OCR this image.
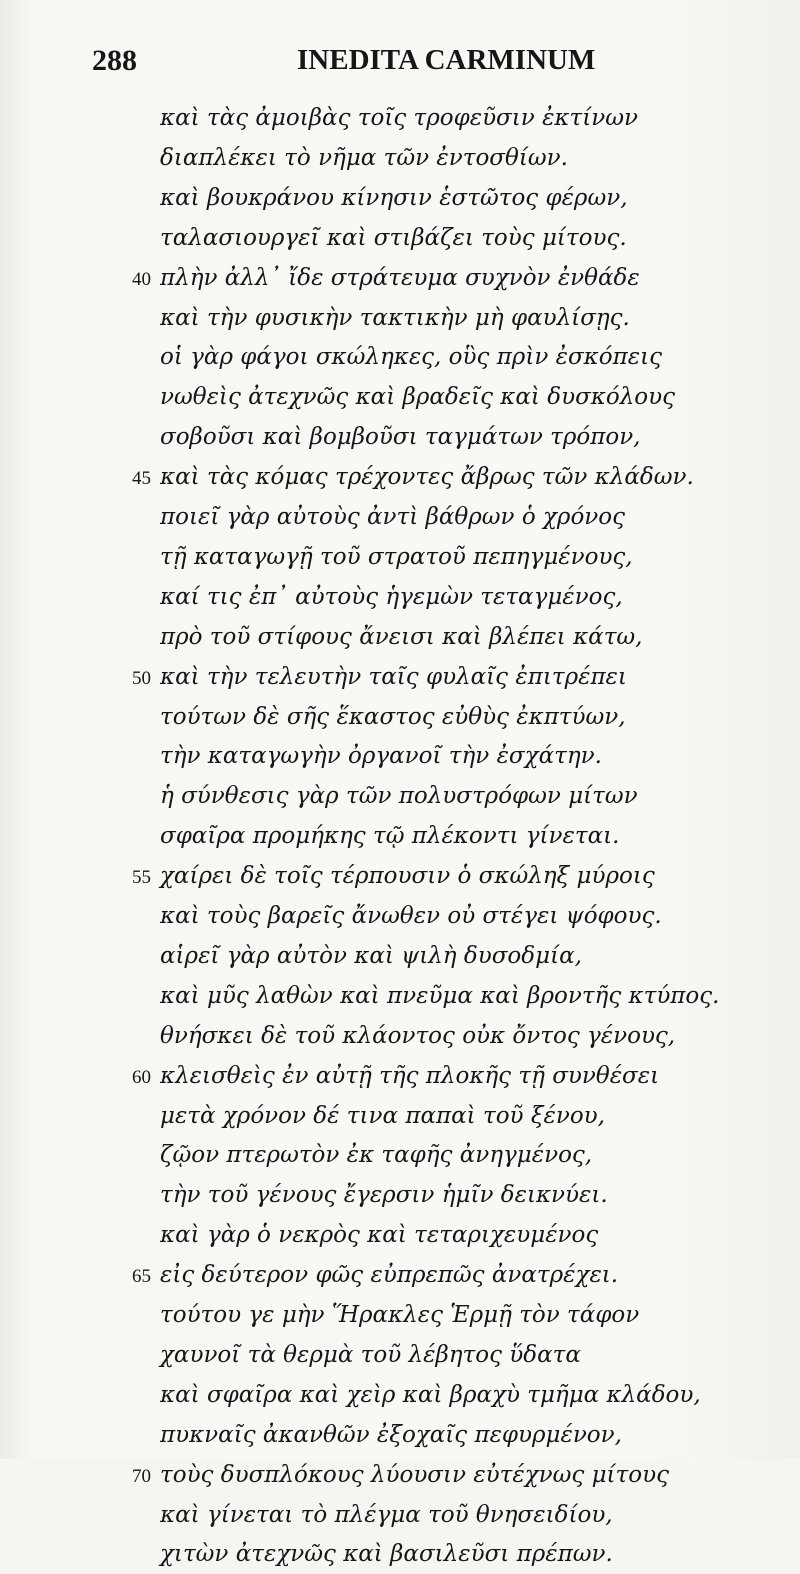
288	INEDITA CARMINUM
καὶ τὰς ἀμοιβὰς τοῖς τροφεῦσιν ἐκτίνων
διαπλέκει τὸ νῆμα τῶν ἐντοσθίων.
καὶ βουκράνου κίνησιν ἑστῶτος φέρων,
ταλασιουργεῖ καὶ στιβάζει τοὺς μίτους.
πλὴν ἀλλ᾽ ἴδε στράτευμα συχνὸν ἐνθάδε
40
καὶ τὴν φυσικὴν τακτικὴν μὴ φαυλίσῃς.
οἱ γὰρ φάγοι σκώληκες, οὓς πρὶν ἐσκόπεις
νωθεὶς ἀτεχνῶς καὶ βραδεῖς καὶ δυσκόλους
σοβοῦσι καὶ βομβοῦσι ταγμάτων τρόπον,
καὶ τὰς κόμας τρέχοντες ἄβρως τῶν κλάδων.
45
ποιεῖ γὰρ αὐτοὺς ἀντὶ βάθρων ὁ χρόνος
τῇ καταγωγῇ τοῦ στρατοῦ πεπηγμένους,
καί τις ἐπ᾽ αὐτοὺς ἡγεμὼν τεταγμένος,
πρὸ τοῦ στίφους ἄνεισι καὶ βλέπει κάτω,
καὶ τὴν τελευτὴν ταῖς φυλαῖς ἐπιτρέπει
50
τούτων δὲ σῆς ἕκαστος εὐθὺς ἐκπτύων,
τὴν καταγωγὴν ὀργανοῖ τὴν ἐσχάτην.
ἡ σύνθεσις γὰρ τῶν πολυστρόφων μίτων
σφαῖρα προμήκης τῷ πλέκοντι γίνεται.
χαίρει δὲ τοῖς τέρπουσιν ὁ σκώληξ μύροις
55
καὶ τοὺς βαρεῖς ἄνωθεν οὐ στέγει ψόφους.
αἱρεῖ γὰρ αὐτὸν καὶ ψιλὴ δυσοδμία,
καὶ μῦς λαθὼν καὶ πνεῦμα καὶ βροντῆς κτύπος.
θνήσκει δὲ τοῦ κλάοντος οὐκ ὄντος γένους,
κλεισθεὶς ἐν αὐτῇ τῆς πλοκῆς τῇ συνθέσει
60
μετὰ χρόνον δέ τινα παπαὶ τοῦ ξένου,
ζῷον πτερωτὸν ἐκ ταφῆς ἀνηγμένος,
τὴν τοῦ γένους ἔγερσιν ἡμῖν δεικνύει.
καὶ γὰρ ὁ νεκρὸς καὶ τεταριχευμένος
εἰς δεύτερον φῶς εὐπρεπῶς ἀνατρέχει.
65
τούτου γε μὴν Ἥρακλες Ἑρμῇ τὸν τάφον
χαυνοῖ τὰ θερμὰ τοῦ λέβητος ὕδατα
καὶ σφαῖρα καὶ χεὶρ καὶ βραχὺ τμῆμα κλάδου,
πυκναῖς ἀκανθῶν ἐξοχαῖς πεφυρμένον,
τοὺς δυσπλόκους λύουσιν εὐτέχνως μίτους
70
καὶ γίνεται τὸ πλέγμα τοῦ θνησειδίου,
χιτὼν ἀτεχνῶς καὶ βασιλεῦσι πρέπων.
